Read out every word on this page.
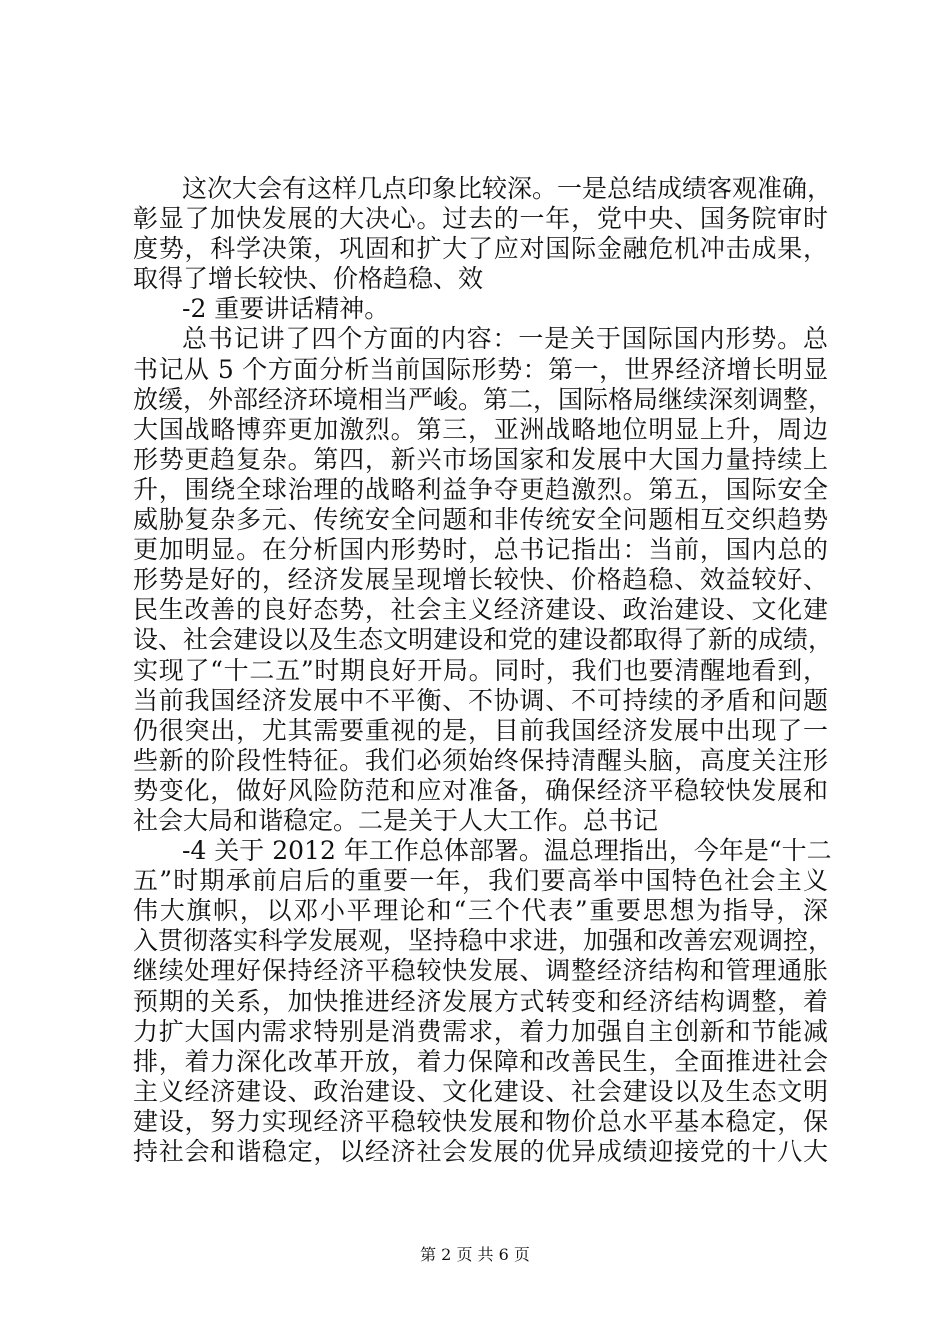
这次大会有这样几点印象比较深。一是总结成绩客观准确，
彰显了加快发展的大决心。过去的一年，党中央、国务院审时
度势，科学决策，巩固和扩大了应对国际金融危机冲击成果，
取得了增长较快、价格趋稳、效
-2 重要讲话精神。
总书记讲了四个方面的内容：一是关于国际国内形势。总
书记从 5 个方面分析当前国际形势：第一，世界经济增长明显
放缓，外部经济环境相当严峻。第二，国际格局继续深刻调整，
大国战略博弈更加激烈。第三，亚洲战略地位明显上升，周边
形势更趋复杂。第四，新兴市场国家和发展中大国力量持续上
升，围绕全球治理的战略利益争夺更趋激烈。第五，国际安全
威胁复杂多元、传统安全问题和非传统安全问题相互交织趋势
更加明显。在分析国内形势时，总书记指出：当前，国内总的
形势是好的，经济发展呈现增长较快、价格趋稳、效益较好、
民生改善的良好态势，社会主义经济建设、政治建设、文化建
设、社会建设以及生态文明建设和党的建设都取得了新的成绩，
实现了“十二五”时期良好开局。同时，我们也要清醒地看到，
当前我国经济发展中不平衡、不协调、不可持续的矛盾和问题
仍很突出，尤其需要重视的是，目前我国经济发展中出现了一
些新的阶段性特征。我们必须始终保持清醒头脑，高度关注形
势变化，做好风险防范和应对准备，确保经济平稳较快发展和
社会大局和谐稳定。二是关于人大工作。总书记
-4 关于 2012 年工作总体部署。温总理指出，今年是“十二
五”时期承前启后的重要一年，我们要高举中国特色社会主义
伟大旗帜，以邓小平理论和“三个代表”重要思想为指导，深
入贯彻落实科学发展观，坚持稳中求进，加强和改善宏观调控，
继续处理好保持经济平稳较快发展、调整经济结构和管理通胀
预期的关系，加快推进经济发展方式转变和经济结构调整，着
力扩大国内需求特别是消费需求，着力加强自主创新和节能减
排，着力深化改革开放，着力保障和改善民生，全面推进社会
主义经济建设、政治建设、文化建设、社会建设以及生态文明
建设，努力实现经济平稳较快发展和物价总水平基本稳定，保
持社会和谐稳定，以经济社会发展的优异成绩迎接党的十八大
第 2 页 共 6 页
